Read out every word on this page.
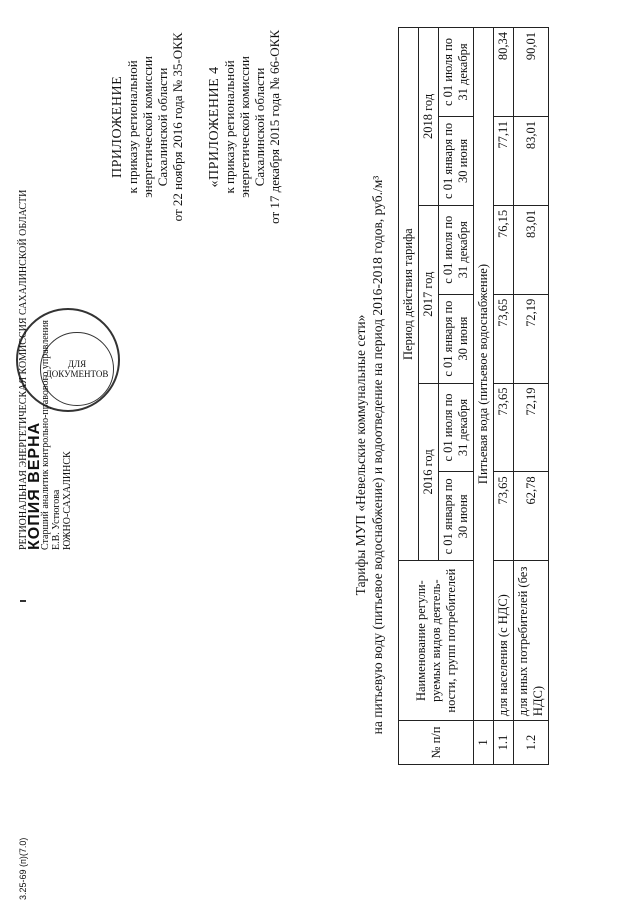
ПРИЛОЖЕНИЕ к приказу региональной энергетической комиссии Сахалинской области от 22 ноября 2016 года № 35-ОКК «ПРИЛОЖЕНИЕ 4 к приказу региональной энергетической комиссии Сахалинской области от 17 декабря 2015 года № 66-ОКК
Тарифы МУП «Невельские коммунальные сети» на питьевую воду (питьевое водоснабжение) и водоотведение на период 2016-2018 годов, руб./м³
№ п/п	Наименование регули-руемых видов деятель-ности, групп потребителей	Период действия тарифа					
		2016 год		2017 год		2018 год	
		с 01 января по 30 июня	с 01 июля по 31 декабря	с 01 января по 30 июня	с 01 июля по 31 декабря	с 01 января по 30 июня	с 01 июля по 31 декабря
1	Питьевая вода (питьевое водоснабжение)						
1.1	для населения (с НДС)	73,65	73,65	73,65	76,15	77,11	80,34
1.2	для иных потребителей (без НДС)	62,78	72,19	72,19	83,01	83,01	90,01
ДЛЯ ДОКУМЕНТОВ
РЕГИОНАЛЬНАЯ ЭНЕРГЕТИЧЕСКАЯ КОМИССИЯ САХАЛИНСКОЙ ОБЛАСТИ
КОПИЯ ВЕРНА
Старший аналитик контрольно-правового управления Е.В. Устюгова ЮЖНО-САХАЛИНСК
3.25-69 (п)(7.0)
